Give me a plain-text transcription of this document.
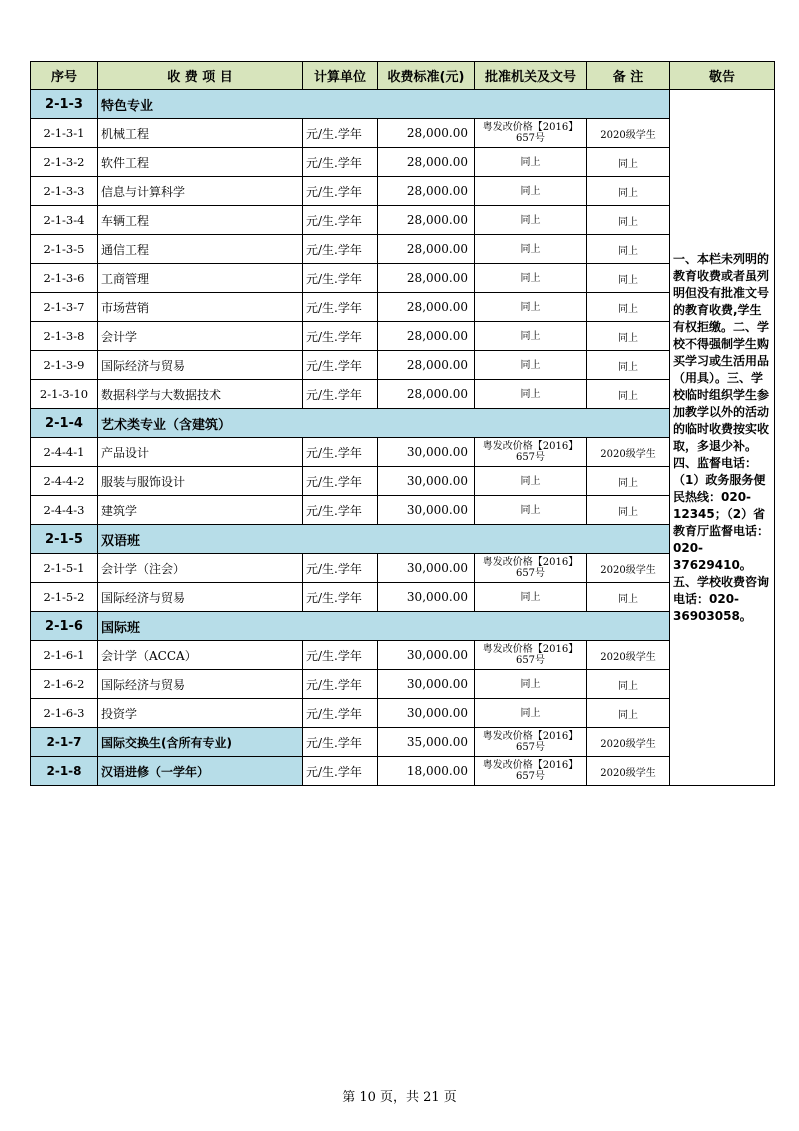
序号	收 费 项 目	计算单位	收费标准(元)	批准机关及文号	备 注	敬告
2-1-3	特色专业					一、本栏未列明的教育收费或者虽列明但没有批准文号的教育收费,学生有权拒缴。二、学校不得强制学生购买学习或生活用品（用具）。三、学校临时组织学生参加教学以外的活动的临时收费按实收取，多退少补。四、监督电话：（1）政务服务便民热线：020-12345；（2）省教育厅监督电话：020-37629410。五、学校收费咨询电话：020-36903058。
2-1-3-1	机械工程	元/生.学年	28,000.00	粤发改价格【2016】657号	2020级学生	
2-1-3-2	软件工程	元/生.学年	28,000.00	同上	同上	
2-1-3-3	信息与计算科学	元/生.学年	28,000.00	同上	同上	
2-1-3-4	车辆工程	元/生.学年	28,000.00	同上	同上	
2-1-3-5	通信工程	元/生.学年	28,000.00	同上	同上	
2-1-3-6	工商管理	元/生.学年	28,000.00	同上	同上	
2-1-3-7	市场营销	元/生.学年	28,000.00	同上	同上	
2-1-3-8	会计学	元/生.学年	28,000.00	同上	同上	
2-1-3-9	国际经济与贸易	元/生.学年	28,000.00	同上	同上	
2-1-3-10	数据科学与大数据技术	元/生.学年	28,000.00	同上	同上	
2-1-4	艺术类专业（含建筑）					
2-4-4-1	产品设计	元/生.学年	30,000.00	粤发改价格【2016】657号	2020级学生	
2-4-4-2	服装与服饰设计	元/生.学年	30,000.00	同上	同上	
2-4-4-3	建筑学	元/生.学年	30,000.00	同上	同上	
2-1-5	双语班					
2-1-5-1	会计学（注会）	元/生.学年	30,000.00	粤发改价格【2016】657号	2020级学生	
2-1-5-2	国际经济与贸易	元/生.学年	30,000.00	同上	同上	
2-1-6	国际班					
2-1-6-1	会计学（ACCA）	元/生.学年	30,000.00	粤发改价格【2016】657号	2020级学生	
2-1-6-2	国际经济与贸易	元/生.学年	30,000.00	同上	同上	
2-1-6-3	投资学	元/生.学年	30,000.00	同上	同上	
2-1-7	国际交换生(含所有专业)	元/生.学年	35,000.00	粤发改价格【2016】657号	2020级学生	
2-1-8	汉语进修（一学年）	元/生.学年	18,000.00	粤发改价格【2016】657号	2020级学生	
第 10 页，共 21 页
